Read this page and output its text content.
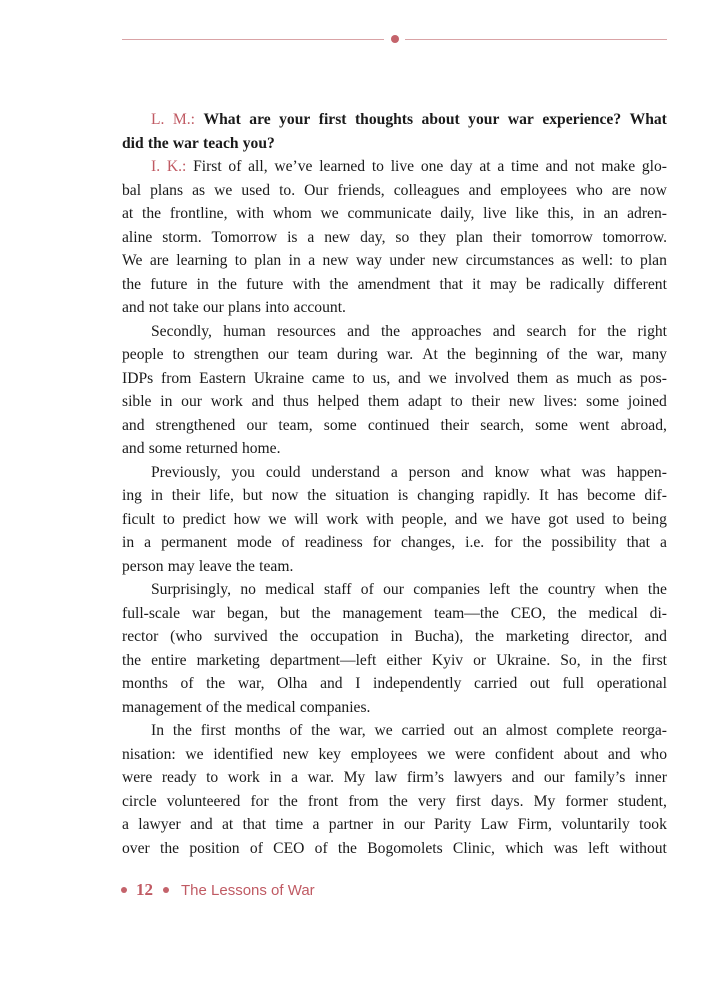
L. M.: What are your first thoughts about your war experience? What
did the war teach you?
I. K.: First of all, we’ve learned to live one day at a time and not make glo-
bal plans as we used to. Our friends, colleagues and employees who are now
at the frontline, with whom we communicate daily, live like this, in an adren-
aline storm. Tomorrow is a new day, so they plan their tomorrow tomorrow.
We are learning to plan in a new way under new circumstances as well: to plan
the future in the future with the amendment that it may be radically different
and not take our plans into account.
Secondly, human resources and the approaches and search for the right
people to strengthen our team during war. At the beginning of the war, many
IDPs from Eastern Ukraine came to us, and we involved them as much as pos-
sible in our work and thus helped them adapt to their new lives: some joined
and strengthened our team, some continued their search, some went abroad,
and some returned home.
Previously, you could understand a person and know what was happen-
ing in their life, but now the situation is changing rapidly. It has become dif-
ficult to predict how we will work with people, and we have got used to being
in a permanent mode of readiness for changes, i.e. for the possibility that a
person may leave the team.
Surprisingly, no medical staff of our companies left the country when the
full-scale war began, but the management team—the CEO, the medical di-
rector (who survived the occupation in Bucha), the marketing director, and
the entire marketing department—left either Kyiv or Ukraine. So, in the first
months of the war, Olha and I independently carried out full operational
management of the medical companies.
In the first months of the war, we carried out an almost complete reorga-
nisation: we identified new key employees we were confident about and who
were ready to work in a war. My law firm’s lawyers and our family’s inner
circle volunteered for the front from the very first days. My former student,
a lawyer and at that time a partner in our Parity Law Firm, voluntarily took
over the position of CEO of the Bogomolets Clinic, which was left without
12 The Lessons of War
